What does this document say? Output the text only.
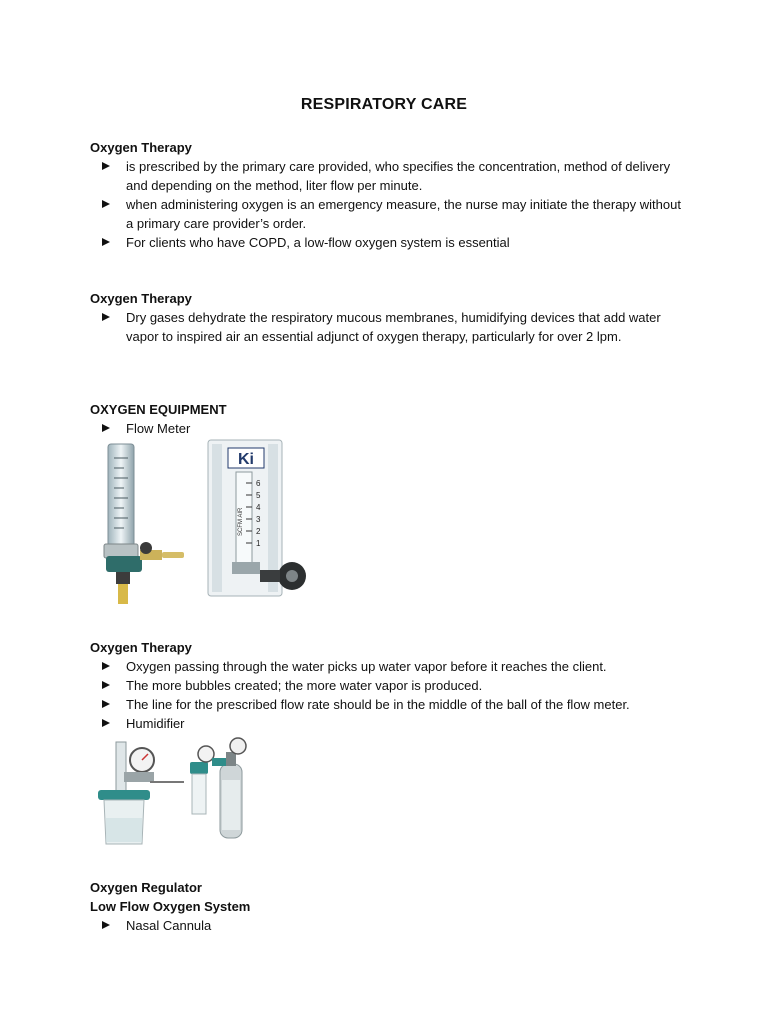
RESPIRATORY CARE
Oxygen Therapy
is prescribed by the primary care provided, who specifies the concentration, method of delivery and depending on the method, liter flow per minute.
when administering oxygen is an emergency measure, the nurse may initiate the therapy without a primary care provider’s order.
For clients who have COPD, a low-flow oxygen system is essential
Oxygen Therapy
Dry gases dehydrate the respiratory mucous membranes, humidifying devices that add water vapor to inspired air an essential adjunct of oxygen therapy, particularly for over 2 lpm.
OXYGEN EQUIPMENT
Flow Meter
Ki
6
5
4
3
2
1
SCFM AIR
Oxygen Therapy
Oxygen passing through the water picks up water vapor before it reaches the client.
The more bubbles created; the more water vapor is produced.
The line for the prescribed flow rate should be in the middle of the ball of the flow meter.
Humidifier
Oxygen Regulator
Low Flow Oxygen System
Nasal Cannula
